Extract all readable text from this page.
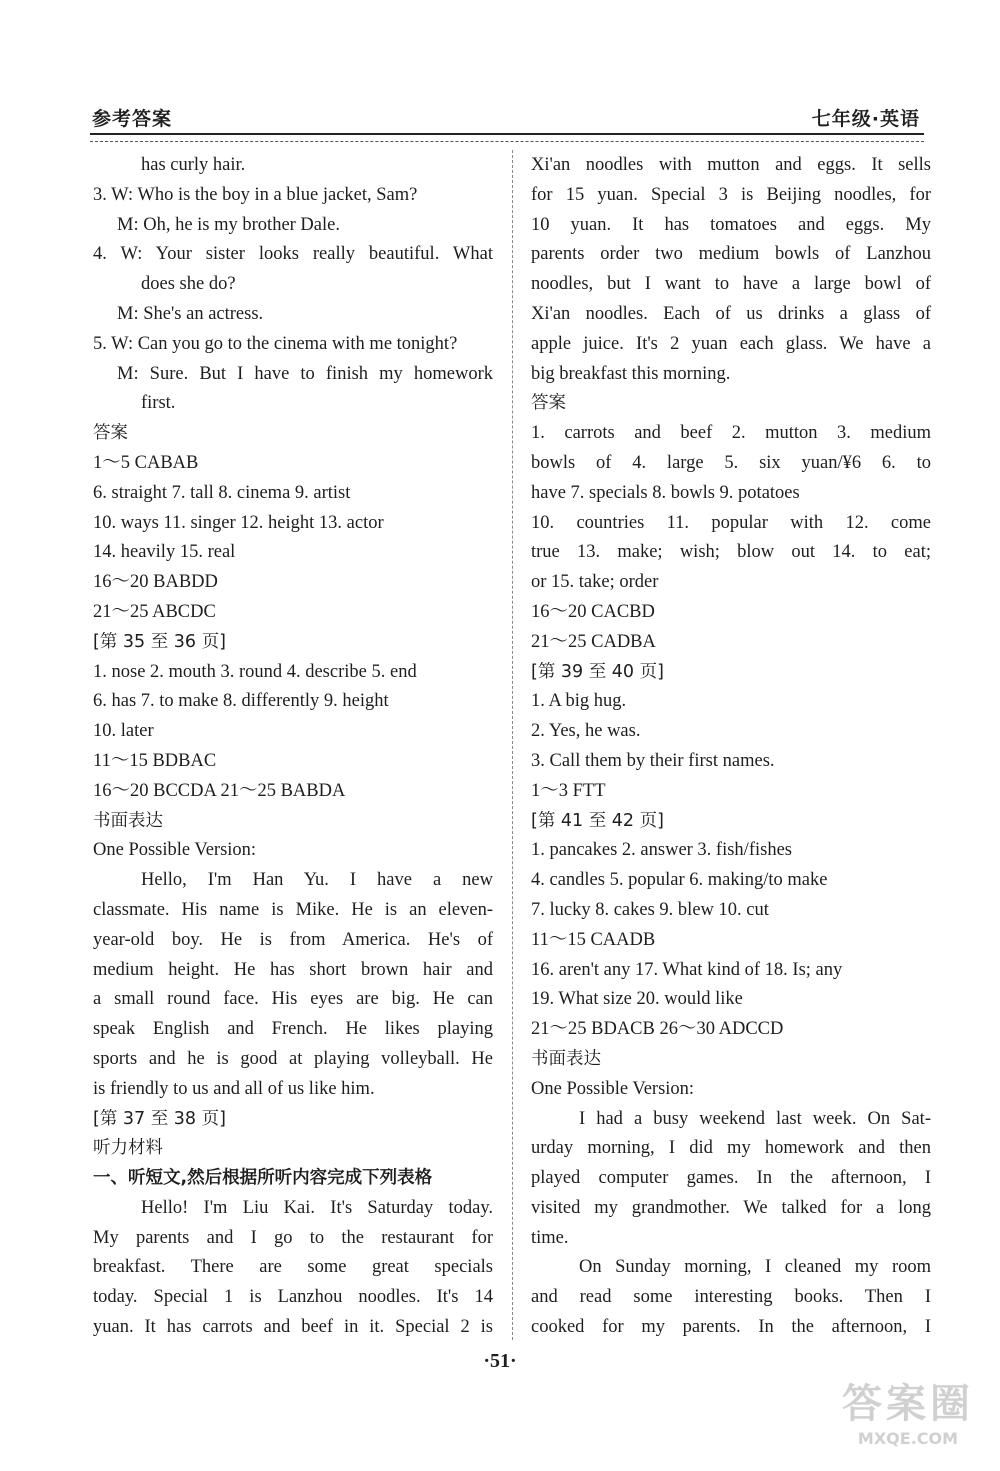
参考答案	七年级·英语
has curly hair.
3. W: Who is the boy in a blue jacket, Sam?
M: Oh, he is my brother Dale.
4. W: Your sister looks really beautiful. What
does she do?
M: She's an actress.
5. W: Can you go to the cinema with me tonight?
M: Sure. But I have to finish my homework
first.
答案
1～5 CABAB
6. straight 7. tall 8. cinema 9. artist
10. ways 11. singer 12. height 13. actor
14. heavily 15. real
16～20 BABDD
21～25 ABCDC
[第 35 至 36 页]
1. nose 2. mouth 3. round 4. describe 5. end
6. has 7. to make 8. differently 9. height
10. later
11～15 BDBAC
16～20 BCCDA 21～25 BABDA
书面表达
One Possible Version:
Hello, I'm Han Yu. I have a new
classmate. His name is Mike. He is an eleven-
year-old boy. He is from America. He's of
medium height. He has short brown hair and
a small round face. His eyes are big. He can
speak English and French. He likes playing
sports and he is good at playing volleyball. He
is friendly to us and all of us like him.
[第 37 至 38 页]
听力材料
一、听短文,然后根据所听内容完成下列表格
Hello! I'm Liu Kai. It's Saturday today.
My parents and I go to the restaurant for
breakfast. There are some great specials
today. Special 1 is Lanzhou noodles. It's 14
yuan. It has carrots and beef in it. Special 2 is
Xi'an noodles with mutton and eggs. It sells
for 15 yuan. Special 3 is Beijing noodles, for
10 yuan. It has tomatoes and eggs. My
parents order two medium bowls of Lanzhou
noodles, but I want to have a large bowl of
Xi'an noodles. Each of us drinks a glass of
apple juice. It's 2 yuan each glass. We have a
big breakfast this morning.
答案
1. carrots and beef 2. mutton 3. medium
bowls of 4. large 5. six yuan/¥6 6. to
have 7. specials 8. bowls 9. potatoes
10. countries 11. popular with 12. come
true 13. make; wish; blow out 14. to eat;
or 15. take; order
16～20 CACBD
21～25 CADBA
[第 39 至 40 页]
1. A big hug.
2. Yes, he was.
3. Call them by their first names.
1～3 FTT
[第 41 至 42 页]
1. pancakes 2. answer 3. fish/fishes
4. candles 5. popular 6. making/to make
7. lucky 8. cakes 9. blew 10. cut
11～15 CAADB
16. aren't any 17. What kind of 18. Is; any
19. What size 20. would like
21～25 BDACB 26～30 ADCCD
书面表达
One Possible Version:
I had a busy weekend last week. On Sat-
urday morning, I did my homework and then
played computer games. In the afternoon, I
visited my grandmother. We talked for a long
time.
On Sunday morning, I cleaned my room
and read some interesting books. Then I
cooked for my parents. In the afternoon, I
·51·
答案圈
MXQE.COM
